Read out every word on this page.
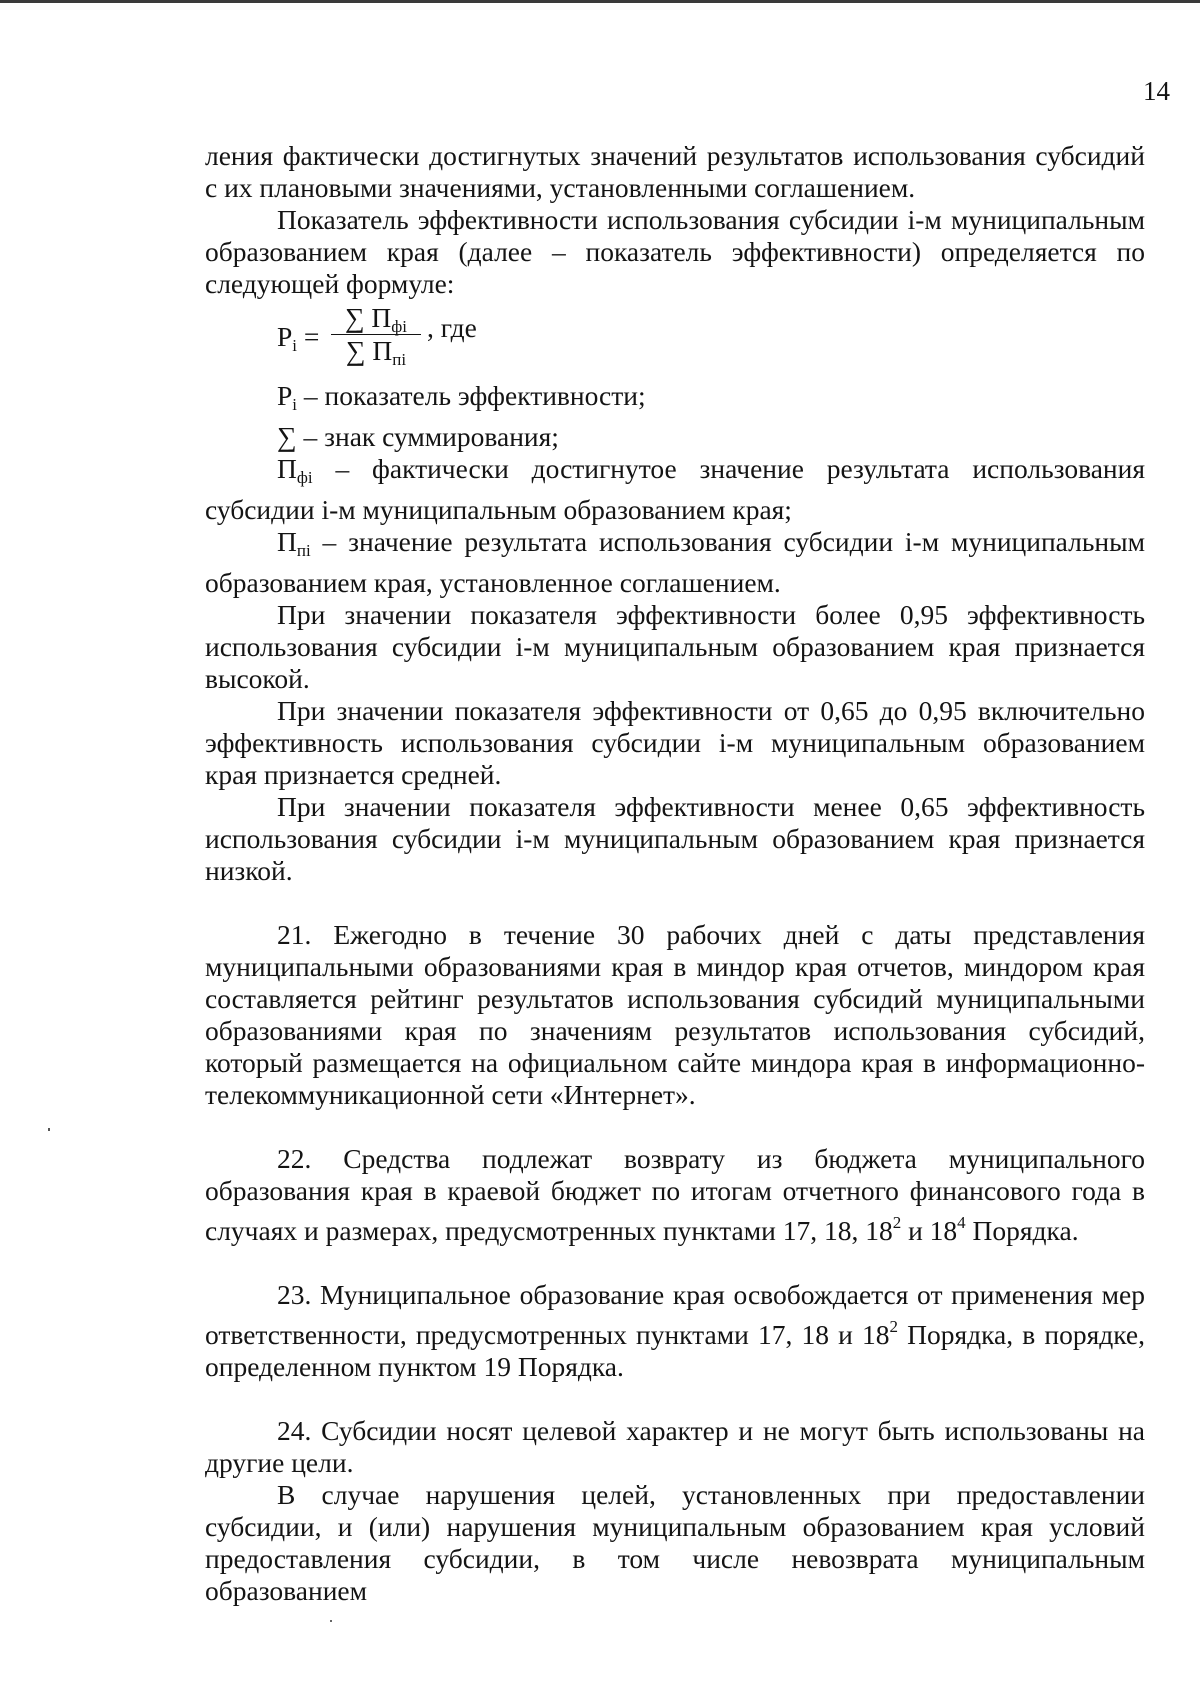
14

ления фактически достигнутых значений результатов использования субсидий с их плановыми значениями, установленными соглашением.

Показатель эффективности использования субсидии i-м муниципальным образованием края (далее – показатель эффективности) определяется по следующей формуле:

$P_i$ =
∑ $П_{фi}$
∑ $П_{пi}$
, где

$P_i$ – показатель эффективности;

∑ – знак суммирования;

$П_{фi}$ – фактически достигнутое значение результата использования субсидии i-м муниципальным образованием края;

$П_{пi}$ – значение результата использования субсидии i-м муниципальным образованием края, установленное соглашением.

При значении показателя эффективности более 0,95 эффективность использования субсидии i-м муниципальным образованием края признается высокой.

При значении показателя эффективности от 0,65 до 0,95 включительно эффективность использования субсидии i-м муниципальным образованием края признается средней.

При значении показателя эффективности менее 0,65 эффективность использования субсидии i-м муниципальным образованием края признается низкой.

21. Ежегодно в течение 30 рабочих дней с даты представления муниципальными образованиями края в миндор края отчетов, миндором края составляется рейтинг результатов использования субсидий муниципальными образованиями края по значениям результатов использования субсидий, который размещается на официальном сайте миндора края в информационно-телекоммуникационной сети «Интернет».

22. Средства подлежат возврату из бюджета муниципального образования края в краевой бюджет по итогам отчетного финансового года в случаях и размерах, предусмотренных пунктами 17, 18, $18^2$ и $18^4$ Порядка.

23. Муниципальное образование края освобождается от применения мер ответственности, предусмотренных пунктами 17, 18 и $18^2$ Порядка, в порядке, определенном пунктом 19 Порядка.

24. Субсидии носят целевой характер и не могут быть использованы на другие цели.

В случае нарушения целей, установленных при предоставлении субсидии, и (или) нарушения муниципальным образованием края условий предоставления субсидии, в том числе невозврата муниципальным образованием
